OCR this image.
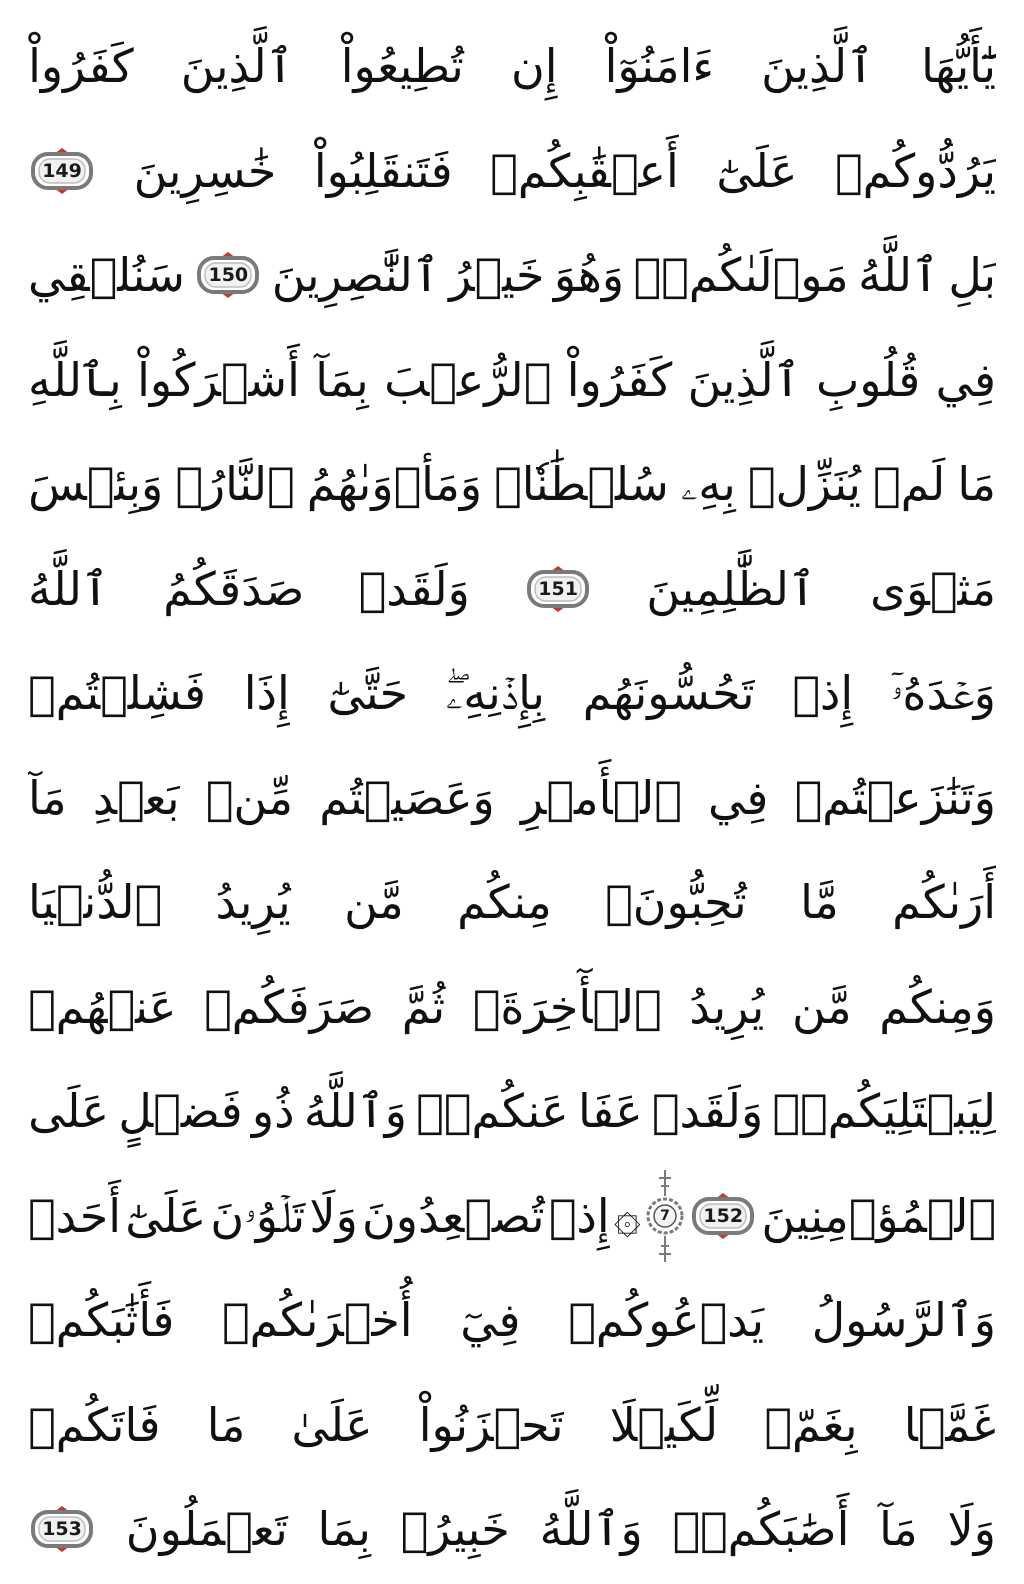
يَٰٓأَيُّهَا
ٱلَّذِينَ
ءَامَنُوٓاْ
إِن
تُطِيعُواْ
ٱلَّذِينَ
كَفَرُواْ
يَرُدُّوكُمۡ
عَلَىٰٓ
أَعۡقَٰبِكُمۡ
فَتَنقَلِبُواْ
خَٰسِرِينَ
149
بَلِ
ٱللَّهُ
مَوۡلَىٰكُمۡۖ
وَهُوَ
خَيۡرُ
ٱلنَّٰصِرِينَ
150
سَنُلۡقِي
فِي
قُلُوبِ
ٱلَّذِينَ
كَفَرُواْ
ٱلرُّعۡبَ
بِمَآ
أَشۡرَكُواْ
بِٱللَّهِ
مَا
لَمۡ
يُنَزِّلۡ
بِهِۦ
سُلۡطَٰنٗاۖ
وَمَأۡوَىٰهُمُ
ٱلنَّارُۖ
وَبِئۡسَ
مَثۡوَى
ٱلظَّٰلِمِينَ
151
وَلَقَدۡ
صَدَقَكُمُ
ٱللَّهُ
وَعۡدَهُۥٓ
إِذۡ
تَحُسُّونَهُم
بِإِذۡنِهِۦۖ
حَتَّىٰٓ
إِذَا
فَشِلۡتُمۡ
وَتَنَٰزَعۡتُمۡ
فِي
ٱلۡأَمۡرِ
وَعَصَيۡتُم
مِّنۢ
بَعۡدِ
مَآ
أَرَىٰكُم
مَّا
تُحِبُّونَۚ
مِنكُم
مَّن
يُرِيدُ
ٱلدُّنۡيَا
وَمِنكُم
مَّن
يُرِيدُ
ٱلۡأٓخِرَةَۚ
ثُمَّ
صَرَفَكُمۡ
عَنۡهُمۡ
لِيَبۡتَلِيَكُمۡۖ
وَلَقَدۡ
عَفَا
عَنكُمۡۗ
وَٱللَّهُ
ذُو
فَضۡلٍ
عَلَى
ٱلۡمُؤۡمِنِينَ
152
7
۞
إِذۡ
تُصۡعِدُونَ
وَلَا
تَلۡوُۥنَ
عَلَىٰٓ
أَحَدٖ
وَٱلرَّسُولُ
يَدۡعُوكُمۡ
فِيٓ
أُخۡرَىٰكُمۡ
فَأَثَٰبَكُمۡ
غَمَّۢا
بِغَمّٖ
لِّكَيۡلَا
تَحۡزَنُواْ
عَلَىٰ
مَا
فَاتَكُمۡ
وَلَا
مَآ
أَصَٰبَكُمۡۗ
وَٱللَّهُ
خَبِيرُۢ
بِمَا
تَعۡمَلُونَ
153
